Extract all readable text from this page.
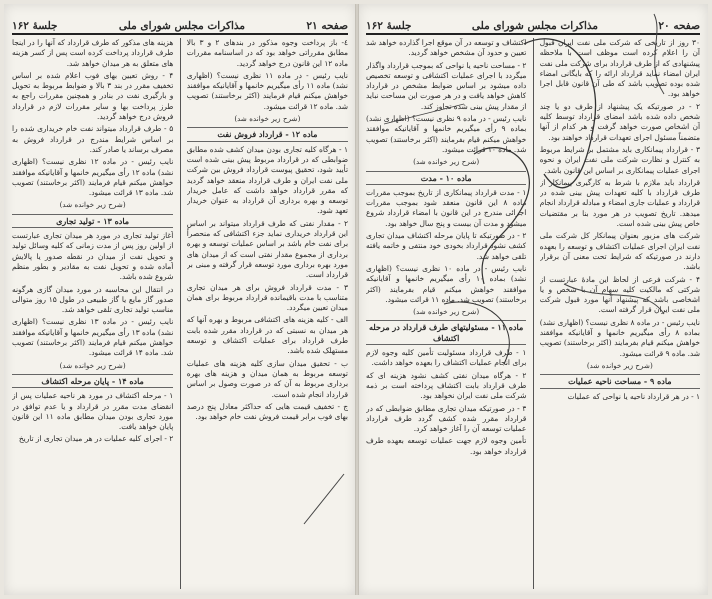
صفحه ۲۱
مذاکرات مجلس شورای ملی
جلسهٔ ۱۶۲

٤- باز پرداخت وجوه مذکور در بندهای ۲ و ۳ بالا مطابق مقرراتی خواهد بود که در اساسنامه مقررات ماده ۱۲ این قانون درج خواهد گردید.

نایب رئیس - در ماده ۱۱ نظری نیست؟ (اظهاری نشد) ماده ۱۱ رأی میگیریم خانمها و آقایانیکه موافقند خواهش میکنم قیام فرمایند (اکثر برخاستند) تصویب شد. ماده ۱۲ قرائت میشود.

(شرح زیر خوانده شد)

ماده ۱۲ - قرارداد فروش نفت

۱ - هرگاه کلیه تجاری بودن میدان کشف شده مطابق ضوابطی که در قرارداد مربوط پیش بینی شده است تأیید شود، تحقیق پیوست قرارداد فروش بین شرکت ملی نفت ایران و طرف قرارداد منعقد خواهد گردید که مقرر قرارداد خواهد داشت که عامل خریدار توسعه و بهره برداری آن قرارداد به عنوان خریدار تعهد شود.

۲ - مقدار نفتی که طرف قرارداد میتواند بر اساس این قرارداد خریداری نماید جزء اکتشافی که منحصراً برای نفت خام باشد بر اساس عملیات توسعه و بهره برداری از مجموع مقدار نفتی است که از میدان های مورد بهره برداری مورد توسعه قرار گرفته و مبنی بر قرارداد است.

۳ - مدت قرارداد فروش برای هر میدان تجاری متناسب با مدت باقیمانده قرارداد مربوط برای همان میدان تعیین میگردد.

الف - کلیه هزینه های اکتشافی مربوط و بهره آنها که هر میدان به نسبتی که در قرارداد مقرر شده بابت طرف قرارداد برای عملیات اکتشاف و توسعه مستهلک شده باشد.

ب - تحقیق میدان سازی کلیه هزینه های عملیات توسعه مربوط به همان میدان و هزینه های بهره برداری مربوط به آن که در صورت وصول بر اساس قرارداد انجام شده است.

ج - تخفیف قیمت هایی که حداکثر معادل پنج درصد بهای فوب برابر قیمت فروش نفت خام خواهد بود.

هزینه های مذکور که طرف قرارداد که آنها را در اینجا طرف قرارداد پرداخت کرده است پس از کسر هزینه های متعلق به هر میدان خواهد شد.

۴ - روش تعیین بهای فوب اعلام شده بر اساس تخفیف مقرر در بند ۳ بالا و ضوابط مربوط به تحویل و بارگیری نفت در بنادر و همچنین مقررات راجع به طرز پرداخت بها و سایر مقررات لازم در قرارداد فروش درج خواهد گردید.

۵ - طرف قرارداد میتواند نفت خام خریداری شده را بر اساس شرایط مندرج در قرارداد فروش به مصرف برساند یا صادر کند.

نایب رئیس - در ماده ۱۲ نظری نیست؟ (اظهاری نشد) ماده ۱۲ رأی میگیریم خانمها و آقایانیکه موافقند خواهش میکنم قیام فرمایند (اکثر برخاستند) تصویب شد. ماده ۱۳ قرائت میشود.

(شرح زیر خوانده شد)

ماده ۱۳ - تولید تجاری

آغاز تولید تجاری در مورد هر میدان تجاری عبارتست از اولین روز پس از مدت زمانی که کلیه وسائل تولید و تحویل نفت از میدان در نقطه صدور یا پالایش آماده شده و تحویل نفت به مقادیر و بطور منظم شروع شده باشد.

در انتقال این محاسبه در مورد میدان گازی هرگونه صدور گاز مایع یا گاز طبیعی در طول ۱۵ روز متوالی مناسب تولید تجاری تلقی خواهد شد.

نایب رئیس - در ماده ۱۳ نظری نیست؟ (اظهاری نشد) ماده ۱۳ رأی میگیریم خانمها و آقایانیکه موافقند خواهش میکنم قیام فرمایند (اکثر برخاستند) تصویب شد. ماده ۱۴ قرائت میشود.

(شرح زیر خوانده شد)

ماده ۱۴ - پایان مرحله اکتشاف

۱ - مرحله اکتشاف در مورد هر ناحیه عملیات پس از انقضای مدت مقرر در قرارداد و یا عدم توافق در مورد تجاری بودن میدان مطابق ماده ۱۱ این قانون پایان خواهد یافت.

۲ - اجرای کلیه عملیات در هر میدان تجاری از تاریخ

صفحه ۲۰
مذاکرات مجلس شورای ملی
جلسهٔ ۱۶۲

۳۰ روز از تاریخی که شرکت ملی نفت ایران قبول آن را اعلام کرده است موظف است با ملاحظه پیشنهادی که از طرف قرارداد برای شرکت ملی نفت ایران امضاء نماید قرارداد ارائه را که بایگانی امضاء شده بوده تصویب باشد که طی آن قانون قابل اجرا خواهد بود.

۲ - در صورتیکه یک پیشنهاد از طرف دو یا چند شخص داده شده باشد امضای قرارداد توسط کلیه آن اشخاص صورت خواهد گرفت و هر کدام از آنها متضمناً مسئول اجرای تعهدات قرارداد خواهند بود.

۳ - قرارداد پیمانکاری باید مشتمل بر شرایط مربوط به کنترل و نظارت شرکت ملی نفت ایران و نحوه اجرای عملیات پیمانکاری بر اساس این قانون باشد.

قرارداد باید ملازم با شرط به کارگیری پیمانکار از طرف قرارداد با کلیه تعهدات پیش بینی شده در قرارداد و عملیات جاری امضاء و مبادله قرارداد انجام میدهد. تاریخ تصویب در هر مورد بنا بر مقتضیات خاص پیش بینی شده است.

شرکت های مزبور بعنوان پیمانکار کل شرکت ملی نفت ایران اجرای عملیات اکتشاف و توسعه را بعهده دارند در صورتیکه که شرایط تحت معنی آن برقرار باشد.

۴ - شرکت فرعی از لحاظ این مادهٔ عبارتست از شرکتی که مالکیت کلیه سهام آن با شخص و یا اشخاصی باشد که پیشنهاد آنها مورد قبول شرکت ملی نفت ایران قرار گرفته است.

نایب رئیس - در ماده ۸ نظری نیست؟ (اظهاری نشد) بماده ۸ رأی میگیریم خانمها و آقایانیکه موافقند خواهش میکنم قیام بفرمایند (اکثر برخاستند) تصویب شد. ماده ۹ قرائت میشود.

(شرح زیر خوانده شد)

ماده ۹ - مساحت ناحیه عملیات

۱ - در هر قرارداد ناحیه یا نواحی که عملیات

اکتشاف و توسعه در آن موقع اجرا گذارده خواهد شد تعیین و حدود آن مشخص خواهد گردید.

۲ - مساحت ناحیه یا نواحی که بموجب قرارداد واگذار میگردد با اجرای عملیات اکتشافی و توسعه تخصیص داده میشود بر اساس ضوابط مشخص در قرارداد کاهش خواهد یافت و در هر صورت این مساحت نباید از مقدار پیش بینی شده تجاوز کند.

نایب رئیس - در ماده ۹ نظری نیست؟ (اظهاری نشد) بماده ۹ رأی میگیریم خانمها و آقایانیکه موافقند خواهش میکنم قیام بفرمایند (اکثر برخاستند) تصویب شد. ماده ۱۰ قرائت میشود.

(شرح زیر خوانده شد)

ماده ۱۰ - مدت

۱ - مدت قرارداد پیمانکاری از تاریخ بموجب مقررات ماده ۸ این قانون منعقد شود بموجب مقررات اجرائی مندرج در این قانون با امضاء قرارداد شروع میشود و مدت آن بیست و پنج سال خواهد بود.

۲ - در صورتیکه تا پایان مرحله اکتشاف میدان تجاری کشف نشود قرارداد بخودی خود منتفی و خاتمه یافته تلقی خواهد شد.

نایب رئیس - در ماده ۱۰ نظری نیست؟ (اظهاری نشد) بماده ۱۰ رأی میگیریم خانمها و آقایانیکه موافقند خواهش میکنم قیام بفرمایند (اکثر برخاستند) تصویب شد. ماده ۱۱ قرائت میشود.

(شرح زیر خوانده شد)

ماده ۱۱ - مسئولیتهای طرف قرارداد در مرحله اکتشاف

۱ - طرف قرارداد مسئولیت تأمین کلیه وجوه لازم برای انجام عملیات اکتشاف را بعهده خواهد داشت.

۲ - هرگاه میدان نفتی کشف نشود هزینه ای که طرف قرارداد بابت اکتشاف پرداخته است بر ذمه شرکت ملی نفت ایران نخواهد بود.

۳ - در صورتیکه میدان تجاری مطابق ضوابطی که در قرارداد مقرر شده کشف گردد طرف قرارداد عملیات توسعه آن را آغاز خواهد کرد.

تأمین وجوه لازم جهت عملیات توسعه بعهده طرف قرارداد خواهد بود.
